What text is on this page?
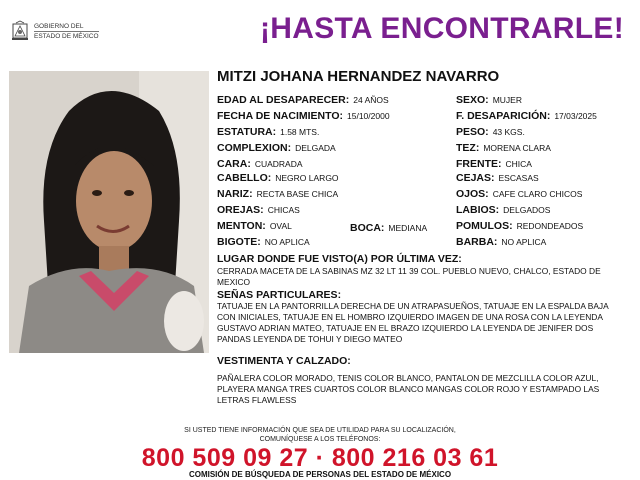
GOBIERNO DEL
ESTADO DE MÉXICO	¡HASTA ENCONTRARLE!
MITZI JOHANA HERNANDEZ NAVARRO
EDAD AL DESAPARECER: 24 AÑOS
FECHA DE NACIMIENTO: 15/10/2000
ESTATURA: 1.58 MTS.
COMPLEXION: DELGADA
CARA: CUADRADA
CABELLO: NEGRO LARGO
NARIZ: RECTA BASE CHICA
OREJAS: CHICAS
MENTON: OVAL	BOCA: MEDIANA
BIGOTE: NO APLICA
SEXO: MUJER
F. DESAPARICIÓN: 17/03/2025
PESO: 43 KGS.
TEZ: MORENA CLARA
FRENTE: CHICA
CEJAS: ESCASAS
OJOS: CAFE CLARO CHICOS
LABIOS: DELGADOS
POMULOS: REDONDEADOS
BARBA: NO APLICA
LUGAR DONDE FUE VISTO(A) POR ÚLTIMA VEZ:
CERRADA MACETA DE LA SABINAS MZ 32 LT 11 39 COL. PUEBLO NUEVO, CHALCO, ESTADO DE MEXICO
SEÑAS PARTICULARES:
TATUAJE EN LA PANTORRILLA DERECHA DE UN ATRAPASUEÑOS, TATUAJE EN LA ESPALDA BAJA CON INICIALES, TATUAJE EN EL HOMBRO IZQUIERDO IMAGEN DE UNA ROSA CON LA LEYENDA GUSTAVO ADRIAN MATEO, TATUAJE EN EL BRAZO IZQUIERDO LA LEYENDA DE JENIFER DOS PANDAS LEYENDA DE TOHUI Y DIEGO MATEO
VESTIMENTA Y CALZADO:
PAÑALERA COLOR MORADO, TENIS COLOR BLANCO, PANTALON DE MEZCLILLA COLOR AZUL, PLAYERA MANGA TRES CUARTOS COLOR BLANCO MANGAS COLOR ROJO Y ESTAMPADO LAS LETRAS FLAWLESS
SI USTED TIENE INFORMACIÓN QUE SEA DE UTILIDAD PARA SU LOCALIZACIÓN,
COMUNÍQUESE A LOS TELÉFONOS:
800 509 09 27 · 800 216 03 61
COMISIÓN DE BÚSQUEDA DE PERSONAS DEL ESTADO DE MÉXICO
